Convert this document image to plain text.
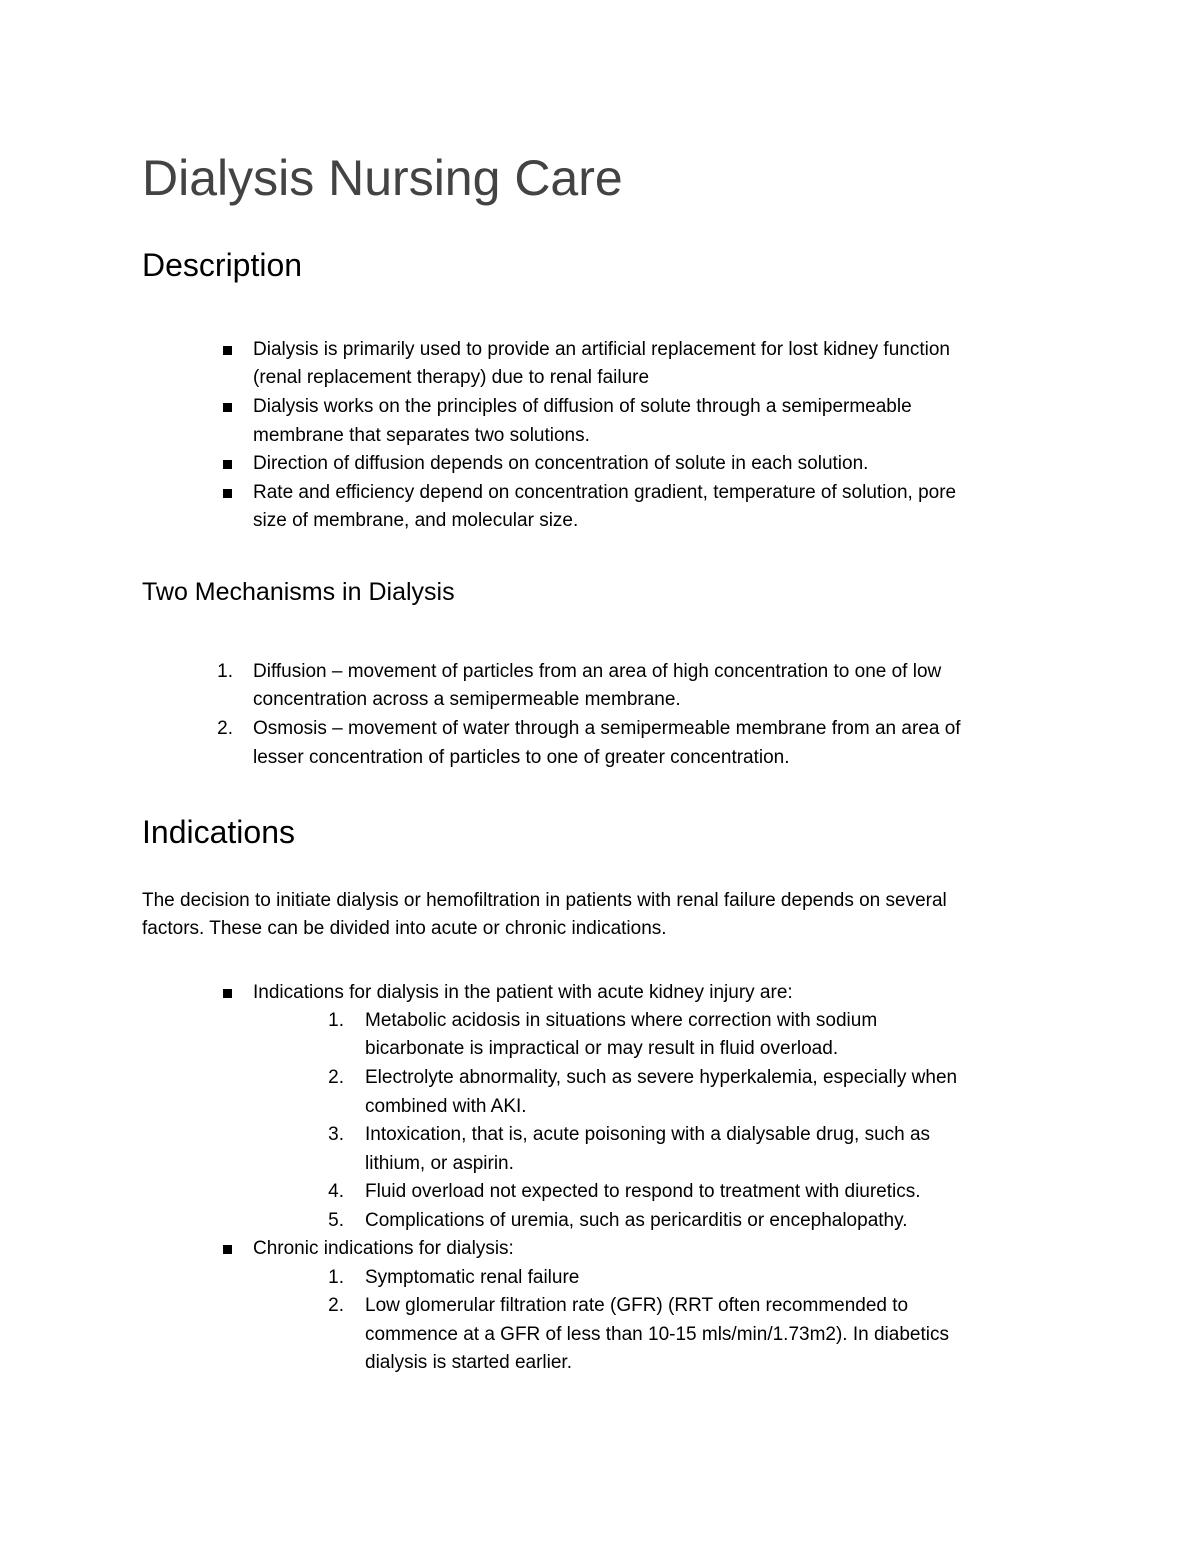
Dialysis Nursing Care
Description
Dialysis is primarily used to provide an artificial replacement for lost kidney function
(renal replacement therapy) due to renal failure
Dialysis works on the principles of diffusion of solute through a semipermeable
membrane that separates two solutions.
Direction of diffusion depends on concentration of solute in each solution.
Rate and efficiency depend on concentration gradient, temperature of solution, pore
size of membrane, and molecular size.
Two Mechanisms in Dialysis
1. Diffusion – movement of particles from an area of high concentration to one of low
concentration across a semipermeable membrane.
2. Osmosis – movement of water through a semipermeable membrane from an area of
lesser concentration of particles to one of greater concentration.
Indications
The decision to initiate dialysis or hemofiltration in patients with renal failure depends on several
factors. These can be divided into acute or chronic indications.
Indications for dialysis in the patient with acute kidney injury are:
1. Metabolic acidosis in situations where correction with sodium
bicarbonate is impractical or may result in fluid overload.
2. Electrolyte abnormality, such as severe hyperkalemia, especially when
combined with AKI.
3. Intoxication, that is, acute poisoning with a dialysable drug, such as
lithium, or aspirin.
4. Fluid overload not expected to respond to treatment with diuretics.
5. Complications of uremia, such as pericarditis or encephalopathy.
Chronic indications for dialysis:
1. Symptomatic renal failure
2. Low glomerular filtration rate (GFR) (RRT often recommended to
commence at a GFR of less than 10-15 mls/min/1.73m2). In diabetics
dialysis is started earlier.
